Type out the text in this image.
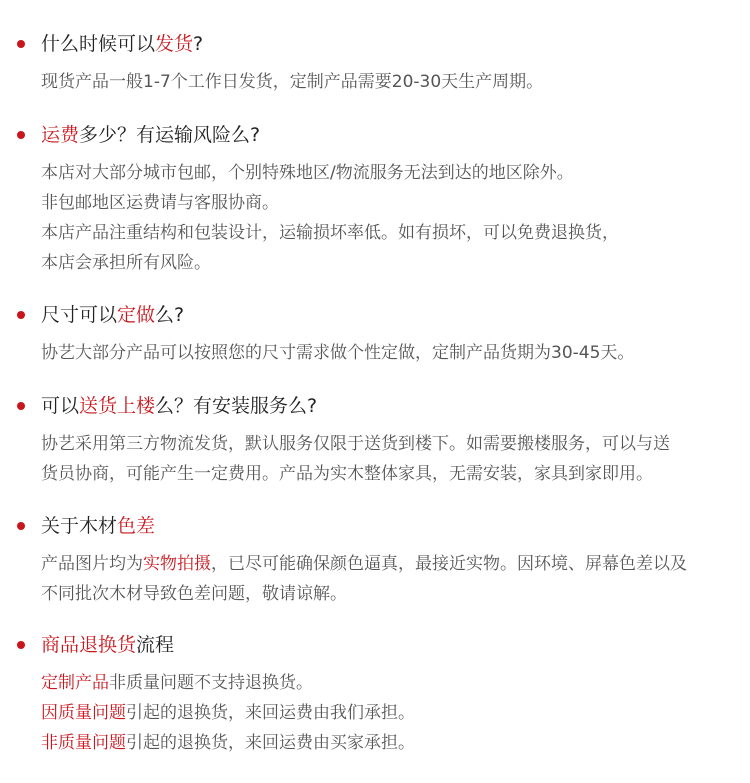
什么时候可以发货?
现货产品一般1-7个工作日发货，定制产品需要20-30天生产周期。
运费多少？有运输风险么?
本店对大部分城市包邮，个别特殊地区/物流服务无法到达的地区除外。
非包邮地区运费请与客服协商。
本店产品注重结构和包装设计，运输损坏率低。如有损坏，可以免费退换货，
本店会承担所有风险。
尺寸可以定做么?
协艺大部分产品可以按照您的尺寸需求做个性定做，定制产品货期为30-45天。
可以送货上楼么？有安装服务么?
协艺采用第三方物流发货，默认服务仅限于送货到楼下。如需要搬楼服务，可以与送
货员协商，可能产生一定费用。产品为实木整体家具，无需安装，家具到家即用。
关于木材色差
产品图片均为实物拍摄，已尽可能确保颜色逼真，最接近实物。因环境、屏幕色差以及
不同批次木材导致色差问题，敬请谅解。
商品退换货流程
定制产品非质量问题不支持退换货。
因质量问题引起的退换货，来回运费由我们承担。
非质量问题引起的退换货，来回运费由买家承担。
